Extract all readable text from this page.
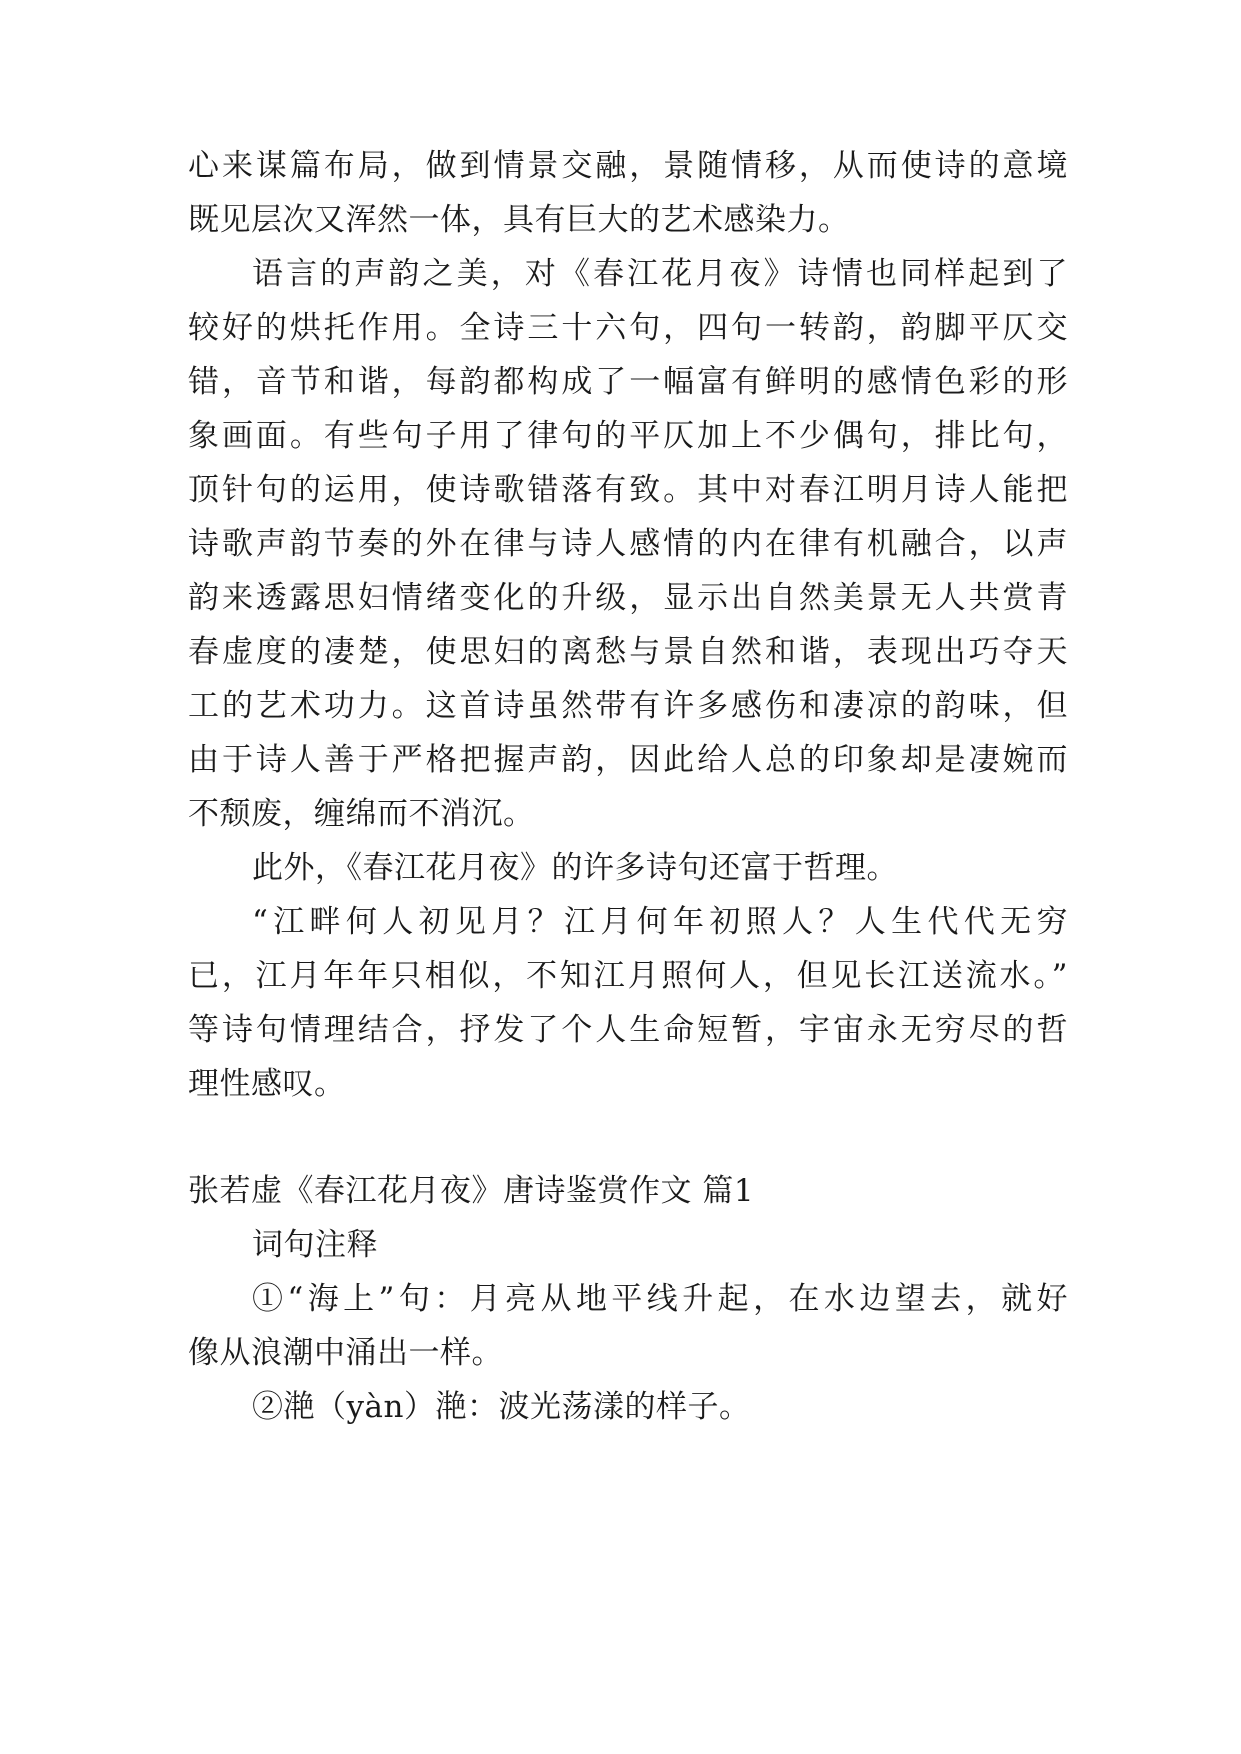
心来谋篇布局，做到情景交融，景随情移，从而使诗的意境
既见层次又浑然一体，具有巨大的艺术感染力。
语言的声韵之美，对《春江花月夜》诗情也同样起到了
较好的烘托作用。全诗三十六句，四句一转韵，韵脚平仄交
错，音节和谐，每韵都构成了一幅富有鲜明的感情色彩的形
象画面。有些句子用了律句的平仄加上不少偶句，排比句，
顶针句的运用，使诗歌错落有致。其中对春江明月诗人能把
诗歌声韵节奏的外在律与诗人感情的内在律有机融合，以声
韵来透露思妇情绪变化的升级，显示出自然美景无人共赏青
春虚度的凄楚，使思妇的离愁与景自然和谐，表现出巧夺天
工的艺术功力。这首诗虽然带有许多感伤和凄凉的韵味，但
由于诗人善于严格把握声韵，因此给人总的印象却是凄婉而
不颓废，缠绵而不消沉。
此外，《春江花月夜》的许多诗句还富于哲理。
“江畔何人初见月？江月何年初照人？人生代代无穷
已，江月年年只相似，不知江月照何人，但见长江送流水。”
等诗句情理结合，抒发了个人生命短暂，宇宙永无穷尽的哲
理性感叹。
张若虚《春江花月夜》唐诗鉴赏作文 篇1
词句注释
①“海上”句：月亮从地平线升起，在水边望去，就好
像从浪潮中涌出一样。
②滟（yàn）滟：波光荡漾的样子。
